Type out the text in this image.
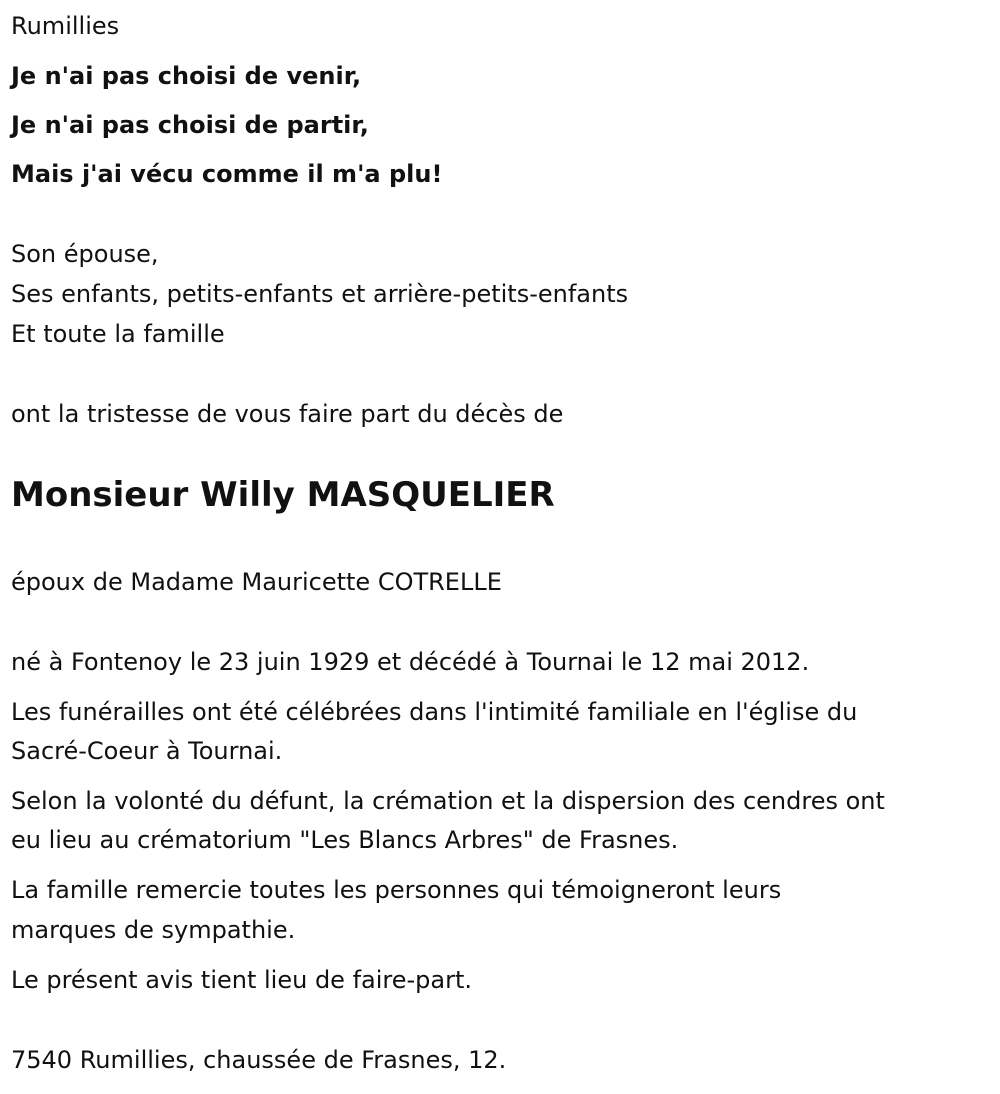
Rumillies
Je n'ai pas choisi de venir,
Je n'ai pas choisi de partir,
Mais j'ai vécu comme il m'a plu!
Son épouse,
Ses enfants, petits-enfants et arrière-petits-enfants
Et toute la famille
ont la tristesse de vous faire part du décès de
Monsieur Willy MASQUELIER
époux de Madame Mauricette COTRELLE
né à Fontenoy le 23 juin 1929 et décédé à Tournai le 12 mai 2012.
Les funérailles ont été célébrées dans l'intimité familiale en l'église du
Sacré-Coeur à Tournai.
Selon la volonté du défunt, la crémation et la dispersion des cendres ont
eu lieu au crématorium "Les Blancs Arbres" de Frasnes.
La famille remercie toutes les personnes qui témoigneront leurs
marques de sympathie.
Le présent avis tient lieu de faire-part.
7540 Rumillies, chaussée de Frasnes, 12.
